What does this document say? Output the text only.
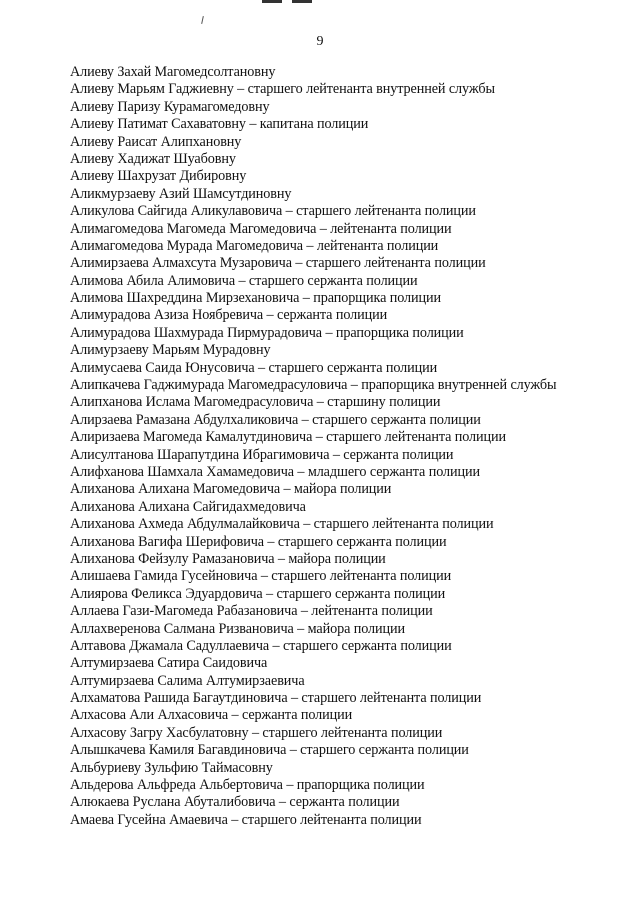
9
Алиеву Захай Магомедсолтановну
Алиеву Марьям Гаджиевну – старшего лейтенанта внутренней службы
Алиеву Паризу Курамагомедовну
Алиеву Патимат Сахаватовну – капитана полиции
Алиеву Раисат Алипхановну
Алиеву Хадижат Шуабовну
Алиеву Шахрузат Дибировну
Аликмурзаеву Азий Шамсутдиновну
Аликулова Сайгида Аликулавовича – старшего лейтенанта полиции
Алимагомедова Магомеда Магомедовича – лейтенанта полиции
Алимагомедова Мурада Магомедовича – лейтенанта полиции
Алимирзаева Алмахсута Музаровича – старшего лейтенанта полиции
Алимова Абила Алимовича – старшего сержанта полиции
Алимова Шахреддина Мирзехановича – прапорщика полиции
Алимурадова Азиза Ноябревича – сержанта полиции
Алимурадова Шахмурада Пирмурадовича – прапорщика полиции
Алимурзаеву Марьям Мурадовну
Алимусаева Саида Юнусовича – старшего сержанта полиции
Алипкачева Гаджимурада Магомедрасуловича – прапорщика внутренней службы
Алипханова Ислама Магомедрасуловича – старшину полиции
Алирзаева Рамазана Абдулхаликовича – старшего сержанта полиции
Алиризаева Магомеда Камалутдиновича – старшего лейтенанта полиции
Алисултанова Шарапутдина Ибрагимовича – сержанта полиции
Алифханова Шамхала Хамамедовича – младшего сержанта полиции
Алиханова Алихана Магомедовича – майора полиции
Алиханова Алихана Сайгидахмедовича
Алиханова Ахмеда Абдулмалайковича – старшего лейтенанта полиции
Алиханова Вагифа Шерифовича – старшего сержанта полиции
Алиханова Фейзулу Рамазановича – майора полиции
Алишаева Гамида Гусейновича – старшего лейтенанта полиции
Алиярова Феликса Эдуардовича – старшего сержанта полиции
Аллаева Гази-Магомеда Рабазановича – лейтенанта полиции
Аллахверенова Салмана Ризвановича – майора полиции
Алтавова Джамала Садуллаевича – старшего сержанта полиции
Алтумирзаева Сатира Саидовича
Алтумирзаева Салима Алтумирзаевича
Алхаматова Рашида Багаутдиновича – старшего лейтенанта полиции
Алхасова Али Алхасовича – сержанта полиции
Алхасову Загру Хасбулатовну – старшего лейтенанта полиции
Алышкачева Камиля Багавдиновича – старшего сержанта полиции
Альбуриеву Зульфию Таймасовну
Альдерова Альфреда Альбертовича – прапорщика полиции
Алюкаева Руслана Абуталибовича – сержанта полиции
Амаева Гусейна Амаевича – старшего лейтенанта полиции
